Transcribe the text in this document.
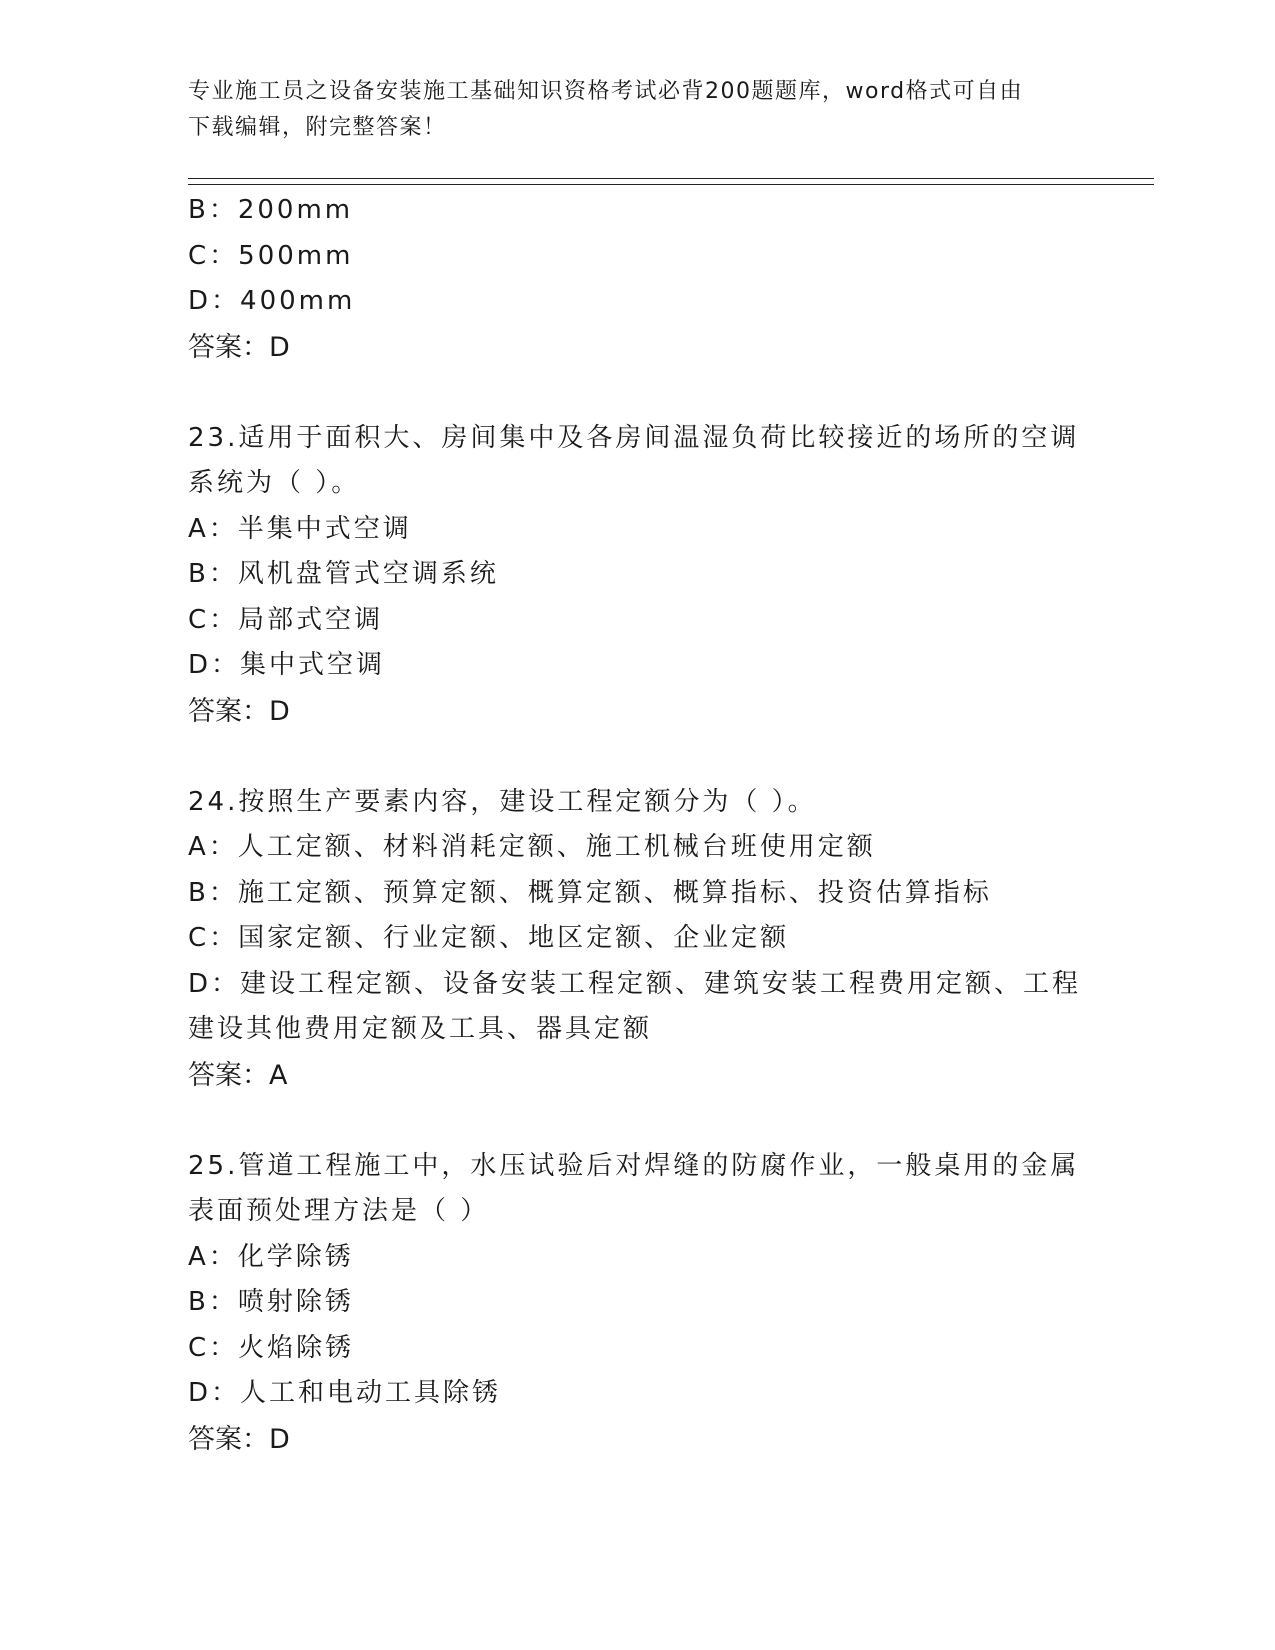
专业施工员之设备安装施工基础知识资格考试必背200题题库，word格式可自由
下载编辑，附完整答案！
B：200mm
C：500mm
D：400mm
答案：D
23.适用于面积大、房间集中及各房间温湿负荷比较接近的场所的空调
系统为（ ）。
A：半集中式空调
B：风机盘管式空调系统
C：局部式空调
D：集中式空调
答案：D
24.按照生产要素内容，建设工程定额分为（ ）。
A：人工定额、材料消耗定额、施工机械台班使用定额
B：施工定额、预算定额、概算定额、概算指标、投资估算指标
C：国家定额、行业定额、地区定额、企业定额
D：建设工程定额、设备安装工程定额、建筑安装工程费用定额、工程
建设其他费用定额及工具、器具定额
答案：A
25.管道工程施工中，水压试验后对焊缝的防腐作业，一般桌用的金属
表面预处理方法是（ ）
A：化学除锈
B：喷射除锈
C：火焰除锈
D：人工和电动工具除锈
答案：D
